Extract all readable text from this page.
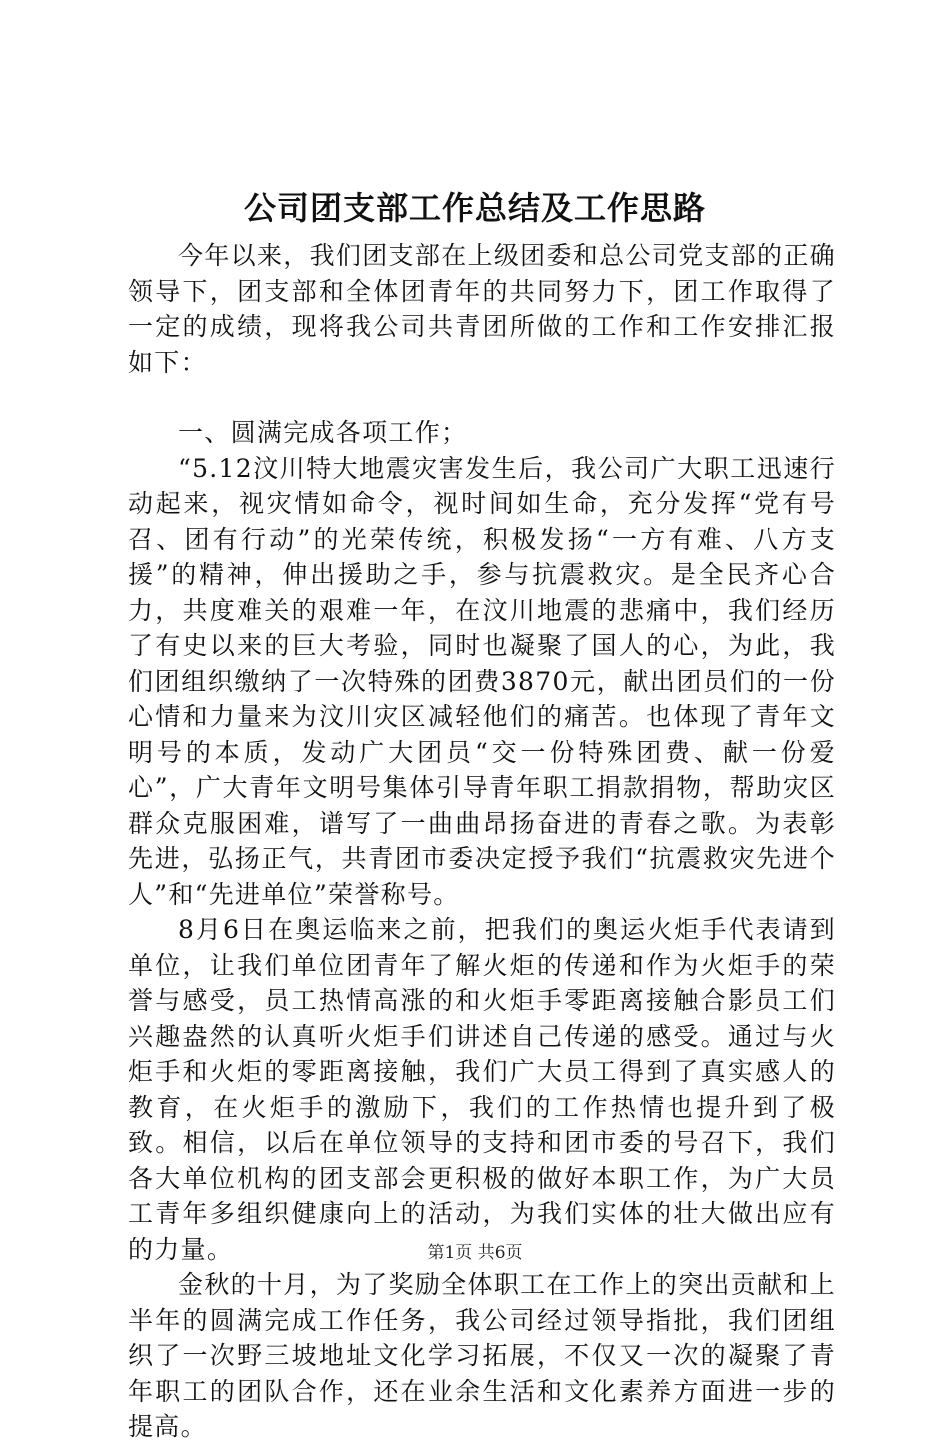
公司团支部工作总结及工作思路

今年以来，我们团支部在上级团委和总公司党支部的正确领导下，团支部和全体团青年的共同努力下，团工作取得了一定的成绩，现将我公司共青团所做的工作和工作安排汇报如下：

一、圆满完成各项工作；

“5.12汶川特大地震灾害发生后，我公司广大职工迅速行动起来，视灾情如命令，视时间如生命，充分发挥“党有号召、团有行动”的光荣传统，积极发扬“一方有难、八方支援”的精神，伸出援助之手，参与抗震救灾。是全民齐心合力，共度难关的艰难一年，在汶川地震的悲痛中，我们经历了有史以来的巨大考验，同时也凝聚了国人的心，为此，我们团组织缴纳了一次特殊的团费3870元，献出团员们的一份心情和力量来为汶川灾区减轻他们的痛苦。也体现了青年文明号的本质，发动广大团员“交一份特殊团费、献一份爱心”，广大青年文明号集体引导青年职工捐款捐物，帮助灾区群众克服困难，谱写了一曲曲昂扬奋进的青春之歌。为表彰先进，弘扬正气，共青团市委决定授予我们“抗震救灾先进个人”和“先进单位”荣誉称号。

8月6日在奥运临来之前，把我们的奥运火炬手代表请到单位，让我们单位团青年了解火炬的传递和作为火炬手的荣誉与感受，员工热情高涨的和火炬手零距离接触合影员工们兴趣盎然的认真听火炬手们讲述自己传递的感受。通过与火炬手和火炬的零距离接触，我们广大员工得到了真实感人的教育，在火炬手的激励下，我们的工作热情也提升到了极致。相信，以后在单位领导的支持和团市委的号召下，我们各大单位机构的团支部会更积极的做好本职工作，为广大员工青年多组织健康向上的活动，为我们实体的壮大做出应有的力量。

金秋的十月，为了奖励全体职工在工作上的突出贡献和上半年的圆满完成工作任务，我公司经过领导指批，我们团组织了一次野三坡地址文化学习拓展，不仅又一次的凝聚了青年职工的团队合作，还在业余生活和文化素养方面进一步的提高。

第1页 共6页
